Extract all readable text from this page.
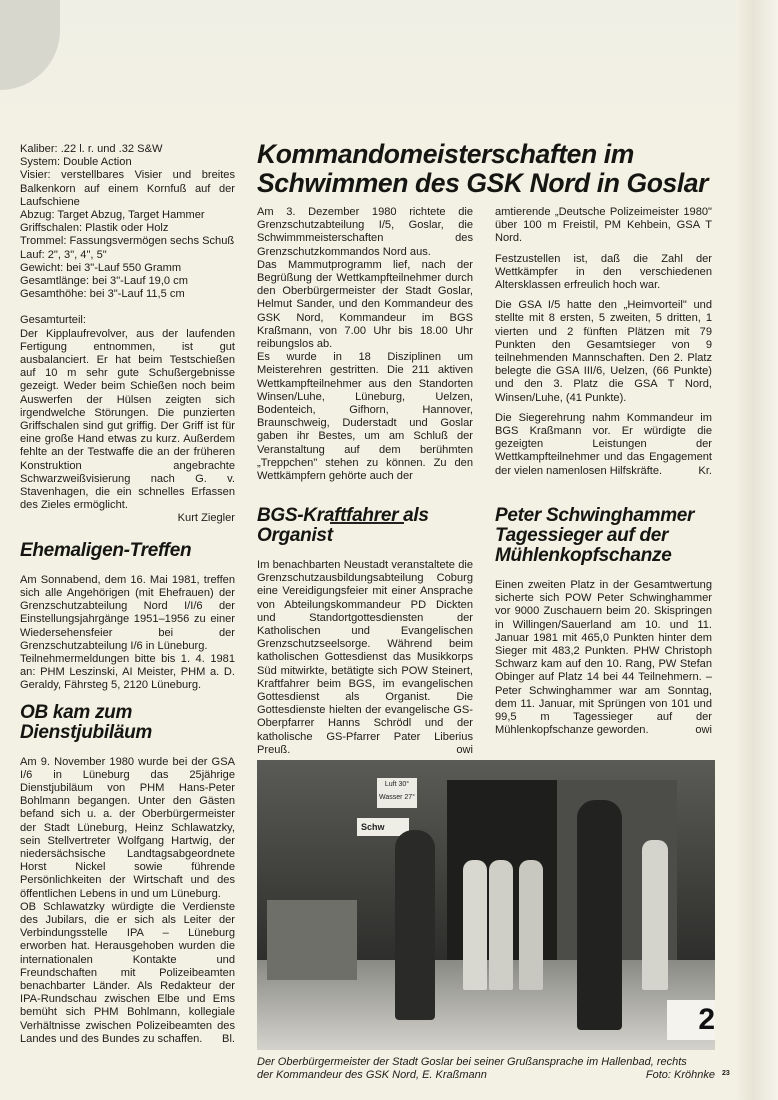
Kaliber: .22 l. r. und .32 S&W

System: Double Action

Visier: verstellbares Visier und breites Balkenkorn auf einem Kornfuß auf der Laufschiene

Abzug: Target Abzug, Target Hammer

Griffschalen: Plastik oder Holz

Trommel: Fassungsvermögen sechs Schuß

Lauf: 2", 3", 4", 5"

Gewicht: bei 3"-Lauf 550 Gramm

Gesamtlänge: bei 3"-Lauf 19,0 cm

Gesamthöhe: bei 3"-Lauf 11,5 cm

Gesamturteil:

Der Kipplaufrevolver, aus der laufenden Fertigung entnommen, ist gut ausbalanciert. Er hat beim Testschießen auf 10 m sehr gute Schußergebnisse gezeigt. Weder beim Schießen noch beim Auswerfen der Hülsen zeigten sich irgendwelche Störungen. Die punzierten Griffschalen sind gut griffig. Der Griff ist für eine große Hand etwas zu kurz. Außerdem fehlte an der Testwaffe die an der früheren Konstruktion angebrachte Schwarzweißvisierung nach G. v. Stavenhagen, die ein schnelles Erfassen des Zieles ermöglicht.

Kurt Ziegler

Ehemaligen-Treffen

Am Sonnabend, dem 16. Mai 1981, treffen sich alle Angehörigen (mit Ehefrauen) der Grenzschutzabteilung Nord I/I/6 der Einstellungsjahrgänge 1951–1956 zu einer Wiedersehensfeier bei der Grenzschutzabteilung I/6 in Lüneburg.

Teilnehmermeldungen bitte bis 1. 4. 1981 an: PHM Leszinski, AI Meister, PHM a. D. Geraldy, Fährsteg 5, 2120 Lüneburg.

OB kam zum Dienstjubiläum

Am 9. November 1980 wurde bei der GSA I/6 in Lüneburg das 25jährige Dienstjubiläum von PHM Hans-Peter Bohlmann begangen. Unter den Gästen befand sich u. a. der Oberbürgermeister der Stadt Lüneburg, Heinz Schlawatzky, sein Stellvertreter Wolfgang Hartwig, der niedersächsische Landtagsabgeordnete Horst Nickel sowie führende Persönlichkeiten der Wirtschaft und des öffentlichen Lebens in und um Lüneburg.

OB Schlawatzky würdigte die Verdienste des Jubilars, die er sich als Leiter der Verbindungsstelle IPA – Lüneburg erworben hat. Herausgehoben wurden die internationalen Kontakte und Freundschaften mit Polizeibeamten benachbarter Länder. Als Redakteur der IPA-Rundschau zwischen Elbe und Ems bemüht sich PHM Bohlmann, kollegiale Verhältnisse zwischen Polizeibeamten des Landes und des Bundes zu schaffen.	Bl.

Kommandomeisterschaften im
Schwimmen des GSK Nord in Goslar

Am 3. Dezember 1980 richtete die Grenzschutzabteilung I/5, Goslar, die Schwimmmeisterschaften des Grenzschutzkommandos Nord aus.

Das Mammutprogramm lief, nach der Begrüßung der Wettkampfteilnehmer durch den Oberbürgermeister der Stadt Goslar, Helmut Sander, und den Kommandeur des GSK Nord, Kommandeur im BGS Kraßmann, von 7.00 Uhr bis 18.00 Uhr reibungslos ab.

Es wurde in 18 Disziplinen um Meisterehren gestritten. Die 211 aktiven Wettkampfteilnehmer aus den Standorten Winsen/Luhe, Lüneburg, Uelzen, Bodenteich, Gifhorn, Hannover, Braunschweig, Duderstadt und Goslar gaben ihr Bestes, um am Schluß der Veranstaltung auf dem berühmten „Treppchen" stehen zu können. Zu den Wettkämpfern gehörte auch der

BGS-Kraftfahrer als Organist

Im benachbarten Neustadt veranstaltete die Grenzschutzausbildungsabteilung Coburg eine Vereidigungsfeier mit einer Ansprache von Abteilungskommandeur PD Dickten und Standortgottesdiensten der Katholischen und Evangelischen Grenzschutzseelsorge. Während beim katholischen Gottesdienst das Musikkorps Süd mitwirkte, betätigte sich POW Steinert, Kraftfahrer beim BGS, im evangelischen Gottesdienst als Organist. Die Gottesdienste hielten der evangelische GS-Oberpfarrer Hanns Schrödl und der katholische GS-Pfarrer Pater Liberius Preuß.	owi

amtierende „Deutsche Polizeimeister 1980" über 100 m Freistil, PM Kehbein, GSA T Nord.

Festzustellen ist, daß die Zahl der Wettkämpfer in den verschiedenen Altersklassen erfreulich hoch war.

Die GSA I/5 hatte den „Heimvorteil" und stellte mit 8 ersten, 5 zweiten, 5 dritten, 1 vierten und 2 fünften Plätzen mit 79 Punkten den Gesamtsieger von 9 teilnehmenden Mannschaften. Den 2. Platz belegte die GSA III/6, Uelzen, (66 Punkte) und den 3. Platz die GSA T Nord, Winsen/Luhe, (41 Punkte).

Die Siegerehrung nahm Kommandeur im BGS Kraßmann vor. Er würdigte die gezeigten Leistungen der Wettkampfteilnehmer und das Engagement der vielen namenlosen Hilfskräfte.	Kr.

Peter Schwinghammer Tagessieger auf der Mühlenkopfschanze

Einen zweiten Platz in der Gesamtwertung sicherte sich POW Peter Schwinghammer vor 9000 Zuschauern beim 20. Skispringen in Willingen/Sauerland am 10. und 11. Januar 1981 mit 465,0 Punkten hinter dem Sieger mit 483,2 Punkten. PHW Christoph Schwarz kam auf den 10. Rang, PW Stefan Obinger auf Platz 14 bei 44 Teilnehmern. – Peter Schwinghammer war am Sonntag, dem 11. Januar, mit Sprüngen von 101 und 99,5 m Tagessieger auf der Mühlenkopfschanze geworden.	owi

Luft 30°
Wasser 27°
Schw
2
Der Oberbürgermeister der Stadt Goslar bei seiner Grußansprache im Hallenbad, rechts
der Kommandeur des GSK Nord, E. Kraßmann	Foto: Kröhnke 23
